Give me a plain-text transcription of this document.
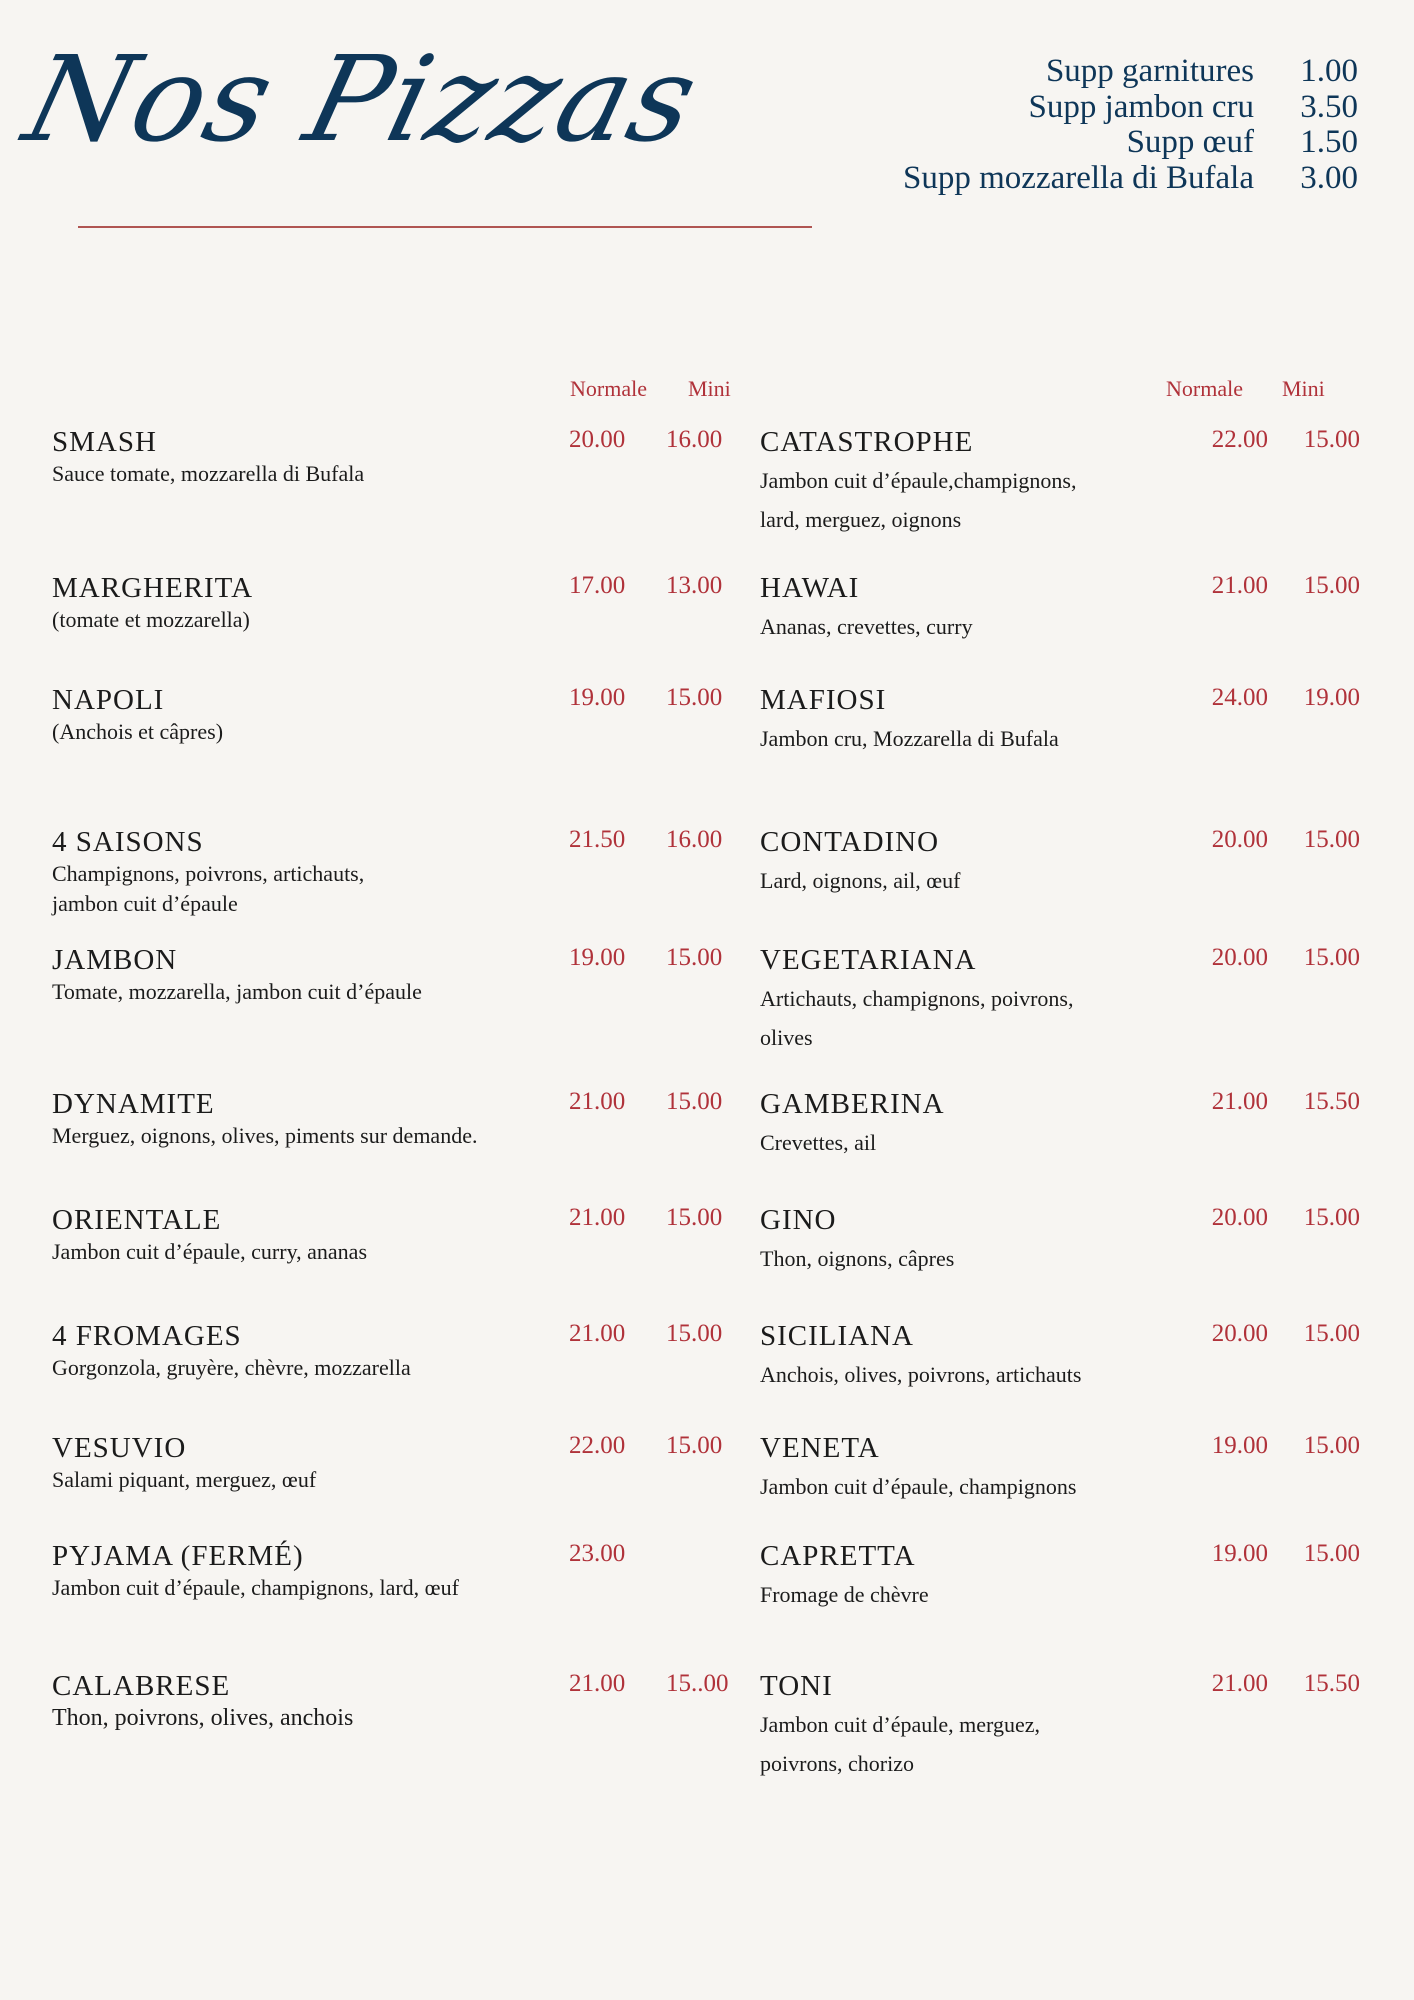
Nos Pizzas	Supp garnitures	1.00
Supp jambon cru	3.50
Supp œuf	1.50
Supp mozzarella di Bufala	3.00
Normale Mini
SMASH
Sauce tomate, mozzarella di Bufala
20.00 16.00
MARGHERITA
(tomate et mozzarella)
17.00 13.00
NAPOLI
(Anchois et câpres)
19.00 15.00
4 SAISONS
Champignons, poivrons, artichauts,
jambon cuit d’épaule
21.50 16.00
JAMBON
Tomate, mozzarella, jambon cuit d’épaule
19.00 15.00
DYNAMITE
Merguez, oignons, olives, piments sur demande.
21.00 15.00
ORIENTALE
Jambon cuit d’épaule, curry, ananas
21.00 15.00
4 FROMAGES
Gorgonzola, gruyère, chèvre, mozzarella
21.00 15.00
VESUVIO
Salami piquant, merguez, œuf
22.00 15.00
PYJAMA (FERMÉ)
Jambon cuit d’épaule, champignons, lard, œuf
23.00
CALABRESE
Thon, poivrons, olives, anchois
21.00 15..00
Normale Mini
CATASTROPHE
Jambon cuit d’épaule,champignons,
lard, merguez, oignons
22.00 15.00
HAWAI
Ananas, crevettes, curry
21.00 15.00
MAFIOSI
Jambon cru, Mozzarella di Bufala
24.00 19.00
CONTADINO
Lard, oignons, ail, œuf
20.00 15.00
VEGETARIANA
Artichauts, champignons, poivrons,
olives
20.00 15.00
GAMBERINA
Crevettes, ail
21.00 15.50
GINO
Thon, oignons, câpres
20.00 15.00
SICILIANA
Anchois, olives, poivrons, artichauts
20.00 15.00
VENETA
Jambon cuit d’épaule, champignons
19.00 15.00
CAPRETTA
Fromage de chèvre
19.00 15.00
TONI
Jambon cuit d’épaule, merguez,
poivrons, chorizo
21.00 15.50
